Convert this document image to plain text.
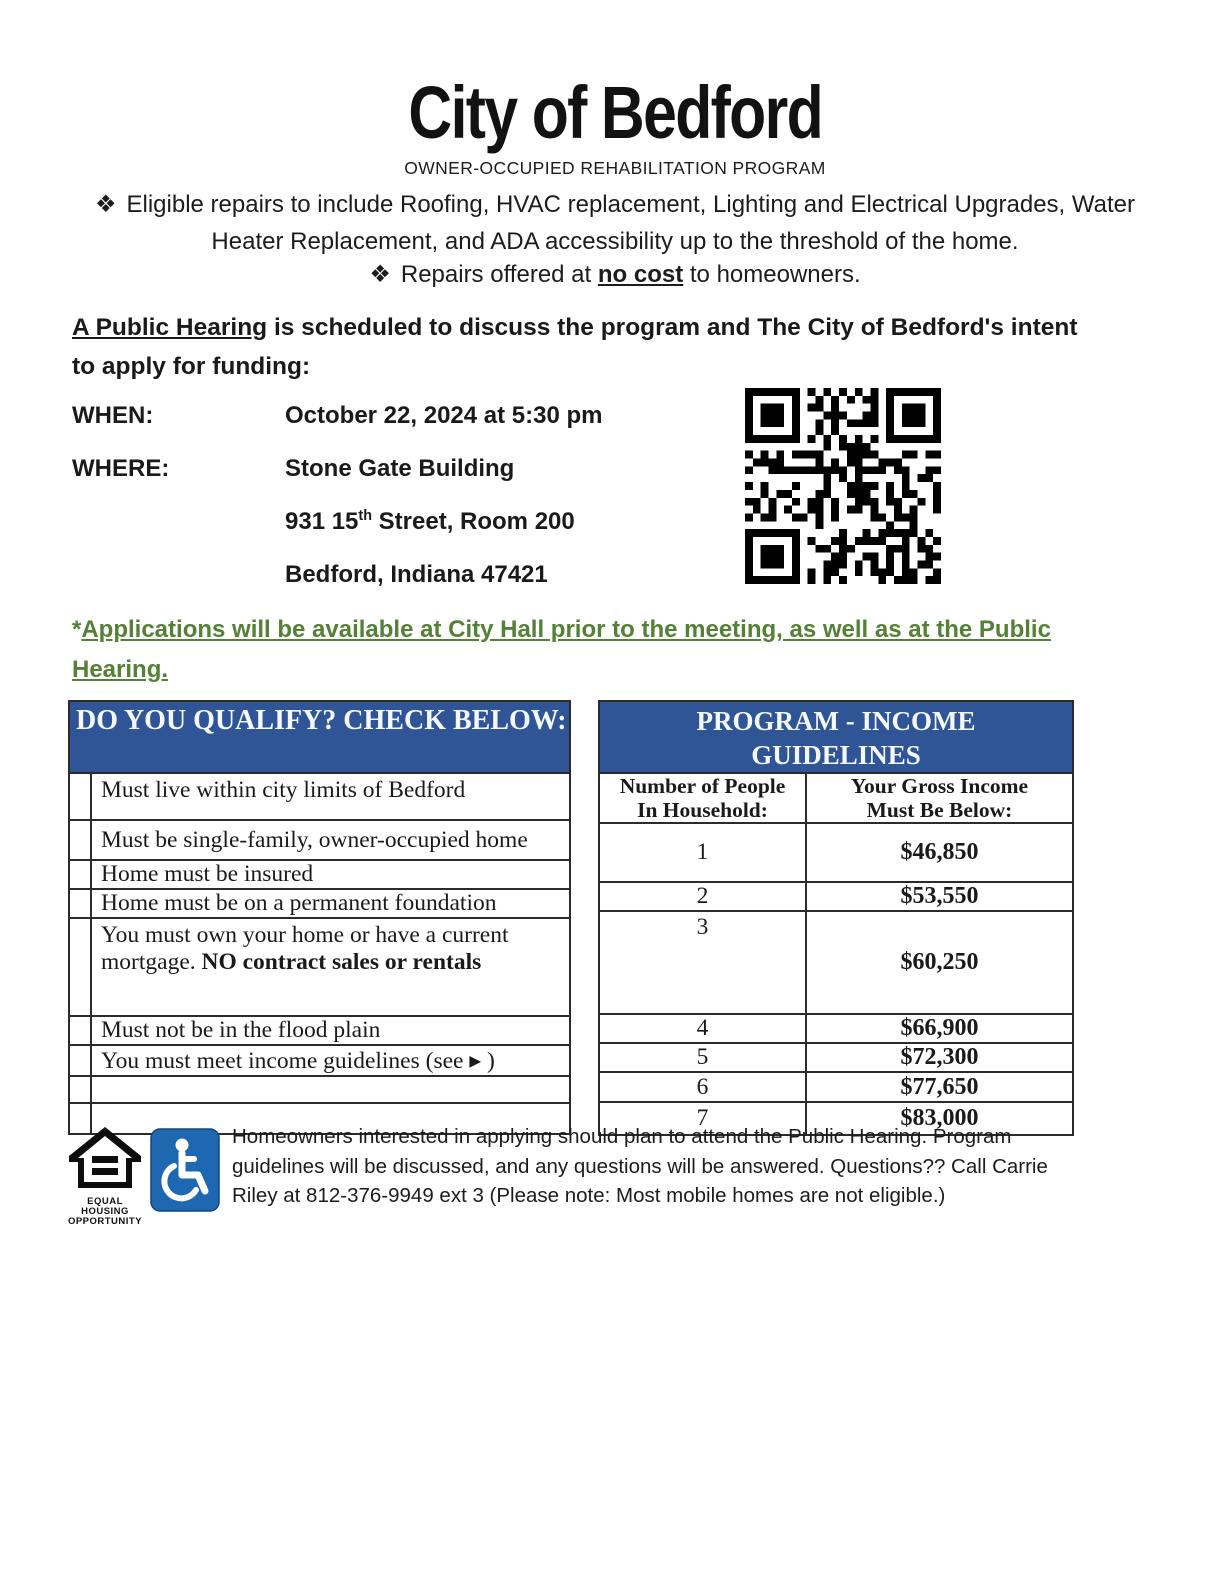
City of Bedford
OWNER-OCCUPIED REHABILITATION PROGRAM
❖ Eligible repairs to include Roofing, HVAC replacement, Lighting and Electrical Upgrades, Water Heater Replacement, and ADA accessibility up to the threshold of the home.
❖ Repairs offered at no cost to homeowners.
A Public Hearing is scheduled to discuss the program and The City of Bedford's intent to apply for funding:
WHEN:	October 22, 2024 at 5:30 pm
WHERE:	Stone Gate Building
931 15th Street, Room 200
Bedford, Indiana 47421
*Applications will be available at City Hall prior to the meeting, as well as at the Public Hearing.
DO YOU QUALIFY? CHECK BELOW:	
	Must live within city limits of Bedford
	Must be single-family, owner-occupied home
	Home must be insured
	Home must be on a permanent foundation
	You must own your home or have a current mortgage. NO contract sales or rentals
	Must not be in the flood plain
	You must meet income guidelines (see ▸ )

PROGRAM - INCOME
GUIDELINES	
Number of People
In Household:	Your Gross Income
Must Be Below:
1	$46,850
2	$53,550
3	$60,250
4	$66,900
5	$72,300
6	$77,650
7	$83,000
EQUAL HOUSING
OPPORTUNITY
Homeowners interested in applying should plan to attend the Public Hearing. Program guidelines will be discussed, and any questions will be answered. Questions?? Call Carrie Riley at 812-376-9949 ext 3 (Please note: Most mobile homes are not eligible.)
